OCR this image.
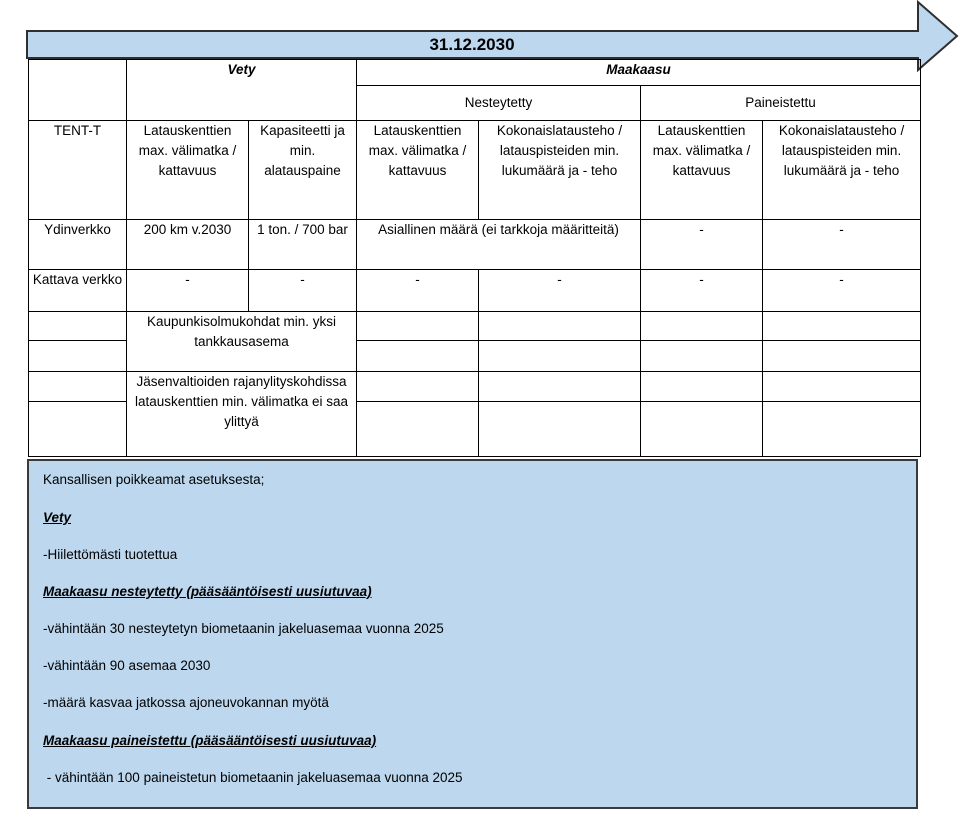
31.12.2030
	Vety		Maakaasu			
			Nesteytetty		Paineistettu	
TENT-T	Latauskenttien max. välimatka / kattavuus	Kapasiteetti ja min. alatauspaine	Latauskenttien max. välimatka / kattavuus	Kokonaislatausteho / latauspisteiden min. lukumäärä ja - teho	Latauskenttien max. välimatka / kattavuus	Kokonaislatausteho / latauspisteiden min. lukumäärä ja - teho
Ydinverkko	200 km v.2030	1 ton. / 700 bar	Asiallinen määrä (ei tarkkoja määritteitä)		-	-
Kattava verkko	-	-	-	-	-	-
	Kaupunkisolmukohdat min. yksi tankkausasema					

	Jäsenvaltioiden rajanylityskohdissa latauskenttien min. välimatka ei saa ylittyä					

Kansallisen poikkeamat asetuksesta;
Vety
-Hiilettömästi tuotettua
Maakaasu nesteytetty (pääsääntöisesti uusiutuvaa)
-vähintään 30 nesteytetyn biometaanin jakeluasemaa vuonna 2025
-vähintään 90 asemaa 2030
-määrä kasvaa jatkossa ajoneuvokannan myötä
Maakaasu paineistettu (pääsääntöisesti uusiutuvaa)
- vähintään 100 paineistetun biometaanin jakeluasemaa vuonna 2025
